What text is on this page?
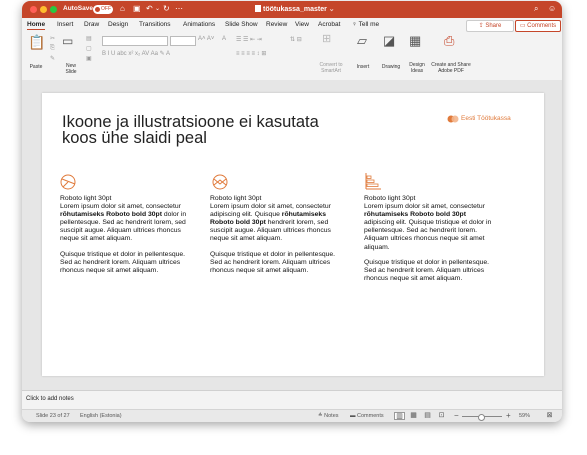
AutoSave	OFF ⌂ ▣ ↶ ⌄ ↻ ⋯	töötukassa_master ⌄	⌕ ☺
Home Insert Draw Design Transitions Animations Slide Show Review View Acrobat ♀ Tell me	⇪ Share	▭ Comments
📋
Paste
✂
⎘
✎
▭
New
Slide
▤
▢
▣
A˄ A˅ A
B I U abc x² x₂ AV Aa ✎ A
☰ ☰ ⇤ ⇥
≡ ≡ ≡ ≡ ↕ ⊞
⇅ ⊟ ⊞
Convert to
SmartArt
▱
Insert
◪
Drawing
▦
Design
Ideas
⎙
Create and Share
Adobe PDF
Ikoone ja illustratsioone ei kasutata koos ühe slaidi peal
Eesti Töötukassa

Roboto light 30pt
Lorem ipsum dolor sit amet, consectetur rõhutamiseks Roboto bold 30pt dolor in pellentesque. Sed ac hendrerit lorem, sed suscipit augue. Aliquam ultrices rhoncus neque sit amet aliquam.

Quisque tristique et dolor in pellentesque. Sed ac hendrerit lorem. Aliquam ultrices rhoncus neque sit amet aliquam.

Roboto light 30pt
Lorem ipsum dolor sit amet, consectetur adipiscing elit. Quisque rõhutamiseks Roboto bold 30pt hendrerit lorem, sed suscipit augue. Aliquam ultrices rhoncus neque sit amet aliquam.

Quisque tristique et dolor in pellentesque. Sed ac hendrerit lorem. Aliquam ultrices rhoncus neque sit amet aliquam.

Roboto light 30pt
Lorem ipsum dolor sit amet, consectetur rõhutamiseks Roboto bold 30pt adipiscing elit. Quisque tristique et dolor in pellentesque. Sed ac hendrerit lorem. Aliquam ultrices rhoncus neque sit amet aliquam.

Quisque tristique et dolor in pellentesque. Sed ac hendrerit lorem. Aliquam ultrices rhoncus neque sit amet aliquam.

Click to add notes
Slide 23 of 27 English (Estonia)	≙ Notes ▬ Comments	▥	▦	▤	⊡	−	+ 59%	⊠
